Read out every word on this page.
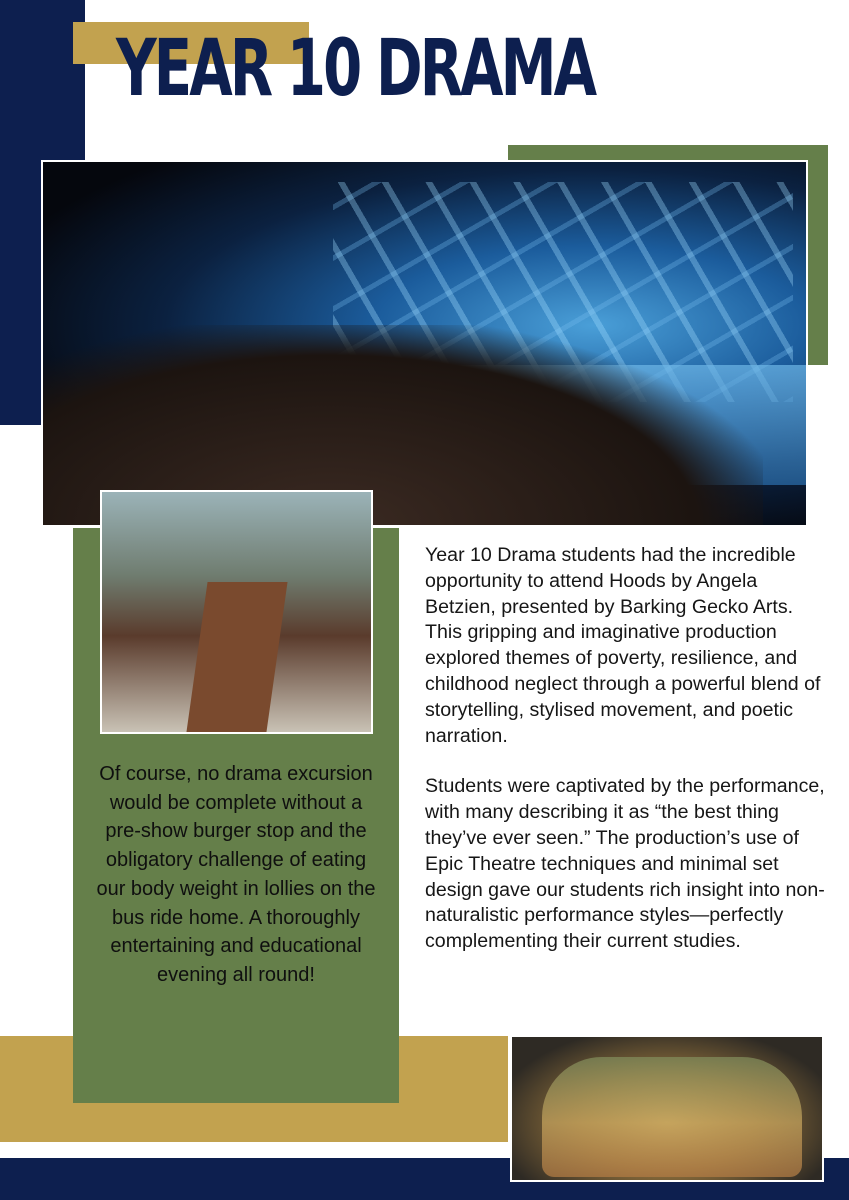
YEAR 10 DRAMA

Of course, no drama excursion would be complete without a pre-show burger stop and the obligatory challenge of eating our body weight in lollies on the bus ride home. A thoroughly entertaining and educational evening all round!

Year 10 Drama students had the incredible opportunity to attend Hoods by Angela Betzien, presented by Barking Gecko Arts. This gripping and imaginative production explored themes of poverty, resilience, and childhood neglect through a powerful blend of storytelling, stylised movement, and poetic narration.

Students were captivated by the performance, with many describing it as “the best thing they’ve ever seen.” The production’s use of Epic Theatre techniques and minimal set design gave our students rich insight into non-naturalistic performance styles—perfectly complementing their current studies.
